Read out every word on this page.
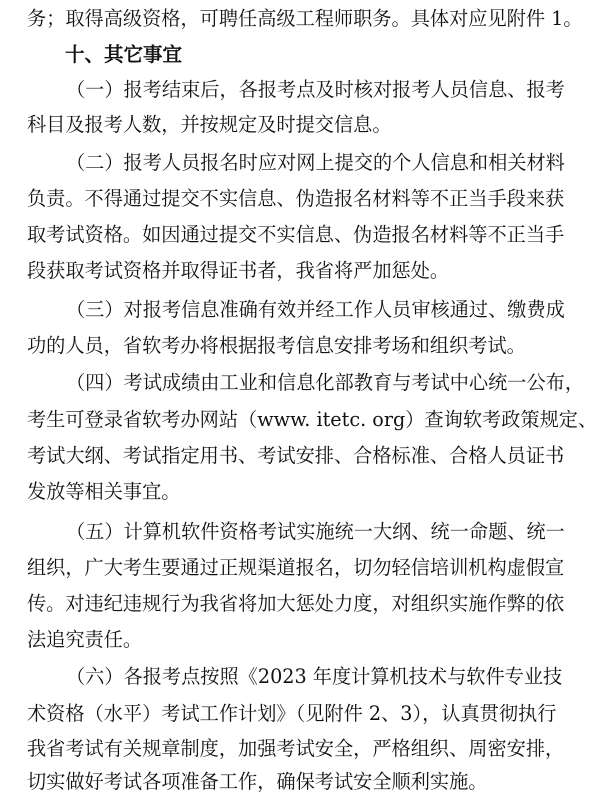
务；取得高级资格，可聘任高级工程师职务。具体对应见附件 1。
十、其它事宜
（一）报考结束后，各报考点及时核对报考人员信息、报考
科目及报考人数，并按规定及时提交信息。
（二）报考人员报名时应对网上提交的个人信息和相关材料
负责。不得通过提交不实信息、伪造报名材料等不正当手段来获
取考试资格。如因通过提交不实信息、伪造报名材料等不正当手
段获取考试资格并取得证书者，我省将严加惩处。
（三）对报考信息准确有效并经工作人员审核通过、缴费成
功的人员，省软考办将根据报考信息安排考场和组织考试。
（四）考试成绩由工业和信息化部教育与考试中心统一公布，
考生可登录省软考办网站（www. itetc. org）查询软考政策规定、
考试大纲、考试指定用书、考试安排、合格标准、合格人员证书
发放等相关事宜。
（五）计算机软件资格考试实施统一大纲、统一命题、统一
组织，广大考生要通过正规渠道报名，切勿轻信培训机构虚假宣
传。对违纪违规行为我省将加大惩处力度，对组织实施作弊的依
法追究责任。
（六）各报考点按照《2023 年度计算机技术与软件专业技
术资格（水平）考试工作计划》（见附件 2、3），认真贯彻执行
我省考试有关规章制度，加强考试安全，严格组织、周密安排，
切实做好考试各项准备工作，确保考试安全顺利实施。
